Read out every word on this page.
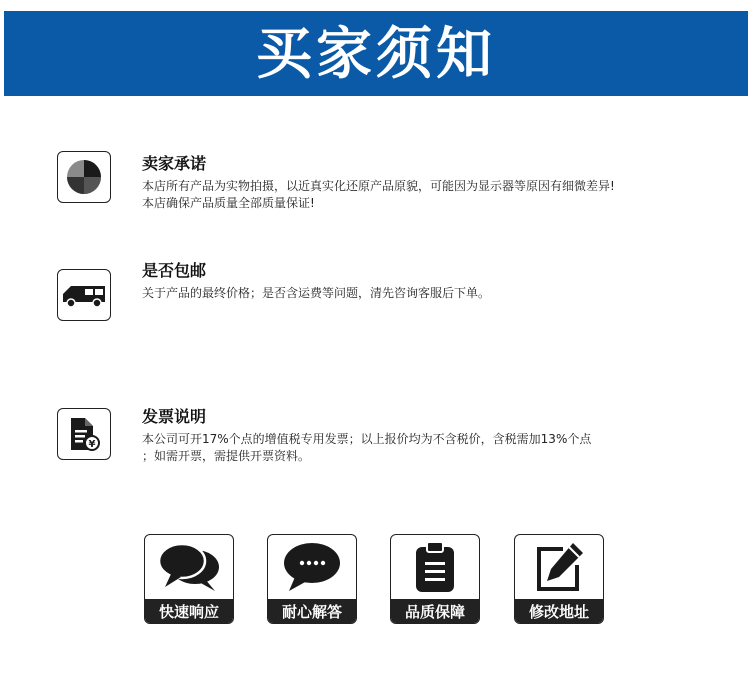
买家须知
卖家承诺
本店所有产品为实物拍摄，以近真实化还原产品原貌，可能因为显示器等原因有细微差异!
本店确保产品质量全部质量保证!
是否包邮
关于产品的最终价格；是否含运费等问题，清先咨询客服后下单。
¥
发票说明
本公司可开17%个点的增值税专用发票；以上报价均为不含税价，含税需加13%个点
；如需开票，需提供开票资料。
快速响应	耐心解答	品质保障	修改地址
